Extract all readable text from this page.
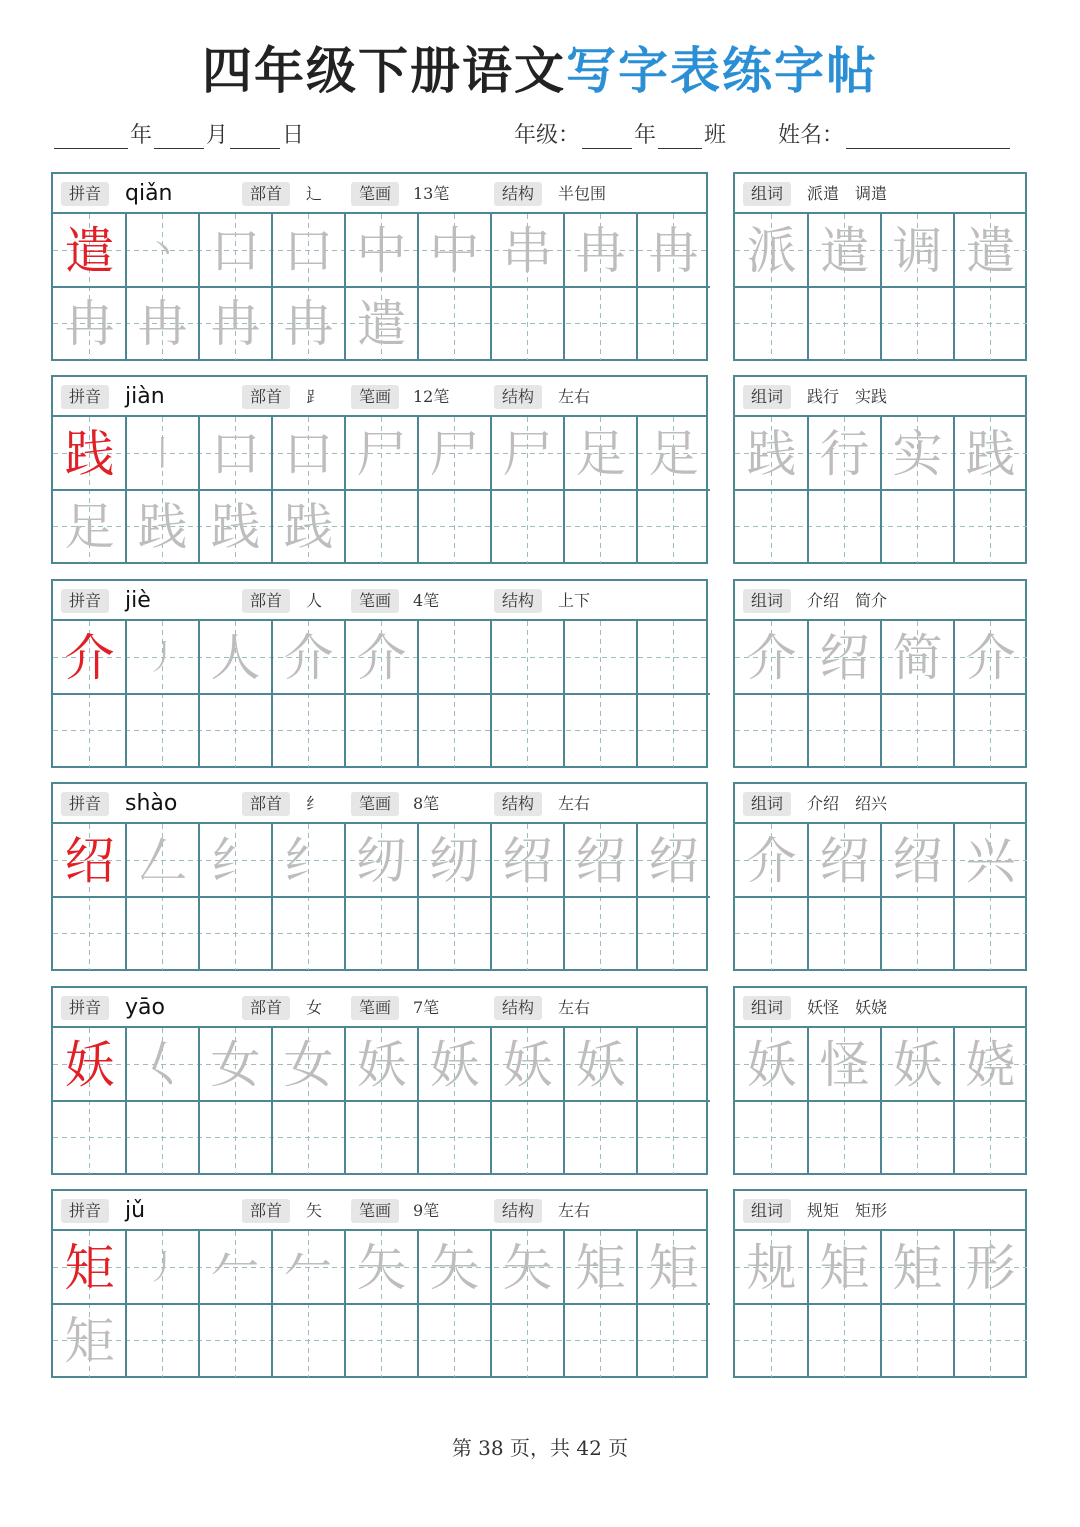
四年级下册语文写字表练字帖
年 月 日	年级： 年 班 姓名：
拼音	qiǎn	部首	辶	笔画	13笔	结构	半包围
遣 丶 口 口 中 中 串 冉 冉
冉 冉 冉 冉 遣
组词	派遣　调遣
派 遣 调 遣
拼音	jiàn	部首	⻊	笔画	12笔	结构	左右
践 丨 口 口 尸 尸 尸 足 足
足 践 践 践
组词	践行　实践
践 行 实 践
拼音	jiè	部首	人	笔画	4笔	结构	上下
介 丿 人 介 介
组词	介绍　简介
介 绍 简 介
拼音	shào	部首	纟	笔画	8笔	结构	左右
绍 𠃋 纟 纟 纫 纫 绍 绍 绍
组词	介绍　绍兴
介 绍 绍 兴
拼音	yāo	部首	女	笔画	7笔	结构	左右
妖 𡿨 女 女 妖 妖 妖 妖
组词	妖怪　妖娆
妖 怪 妖 娆
拼音	jǔ	部首	矢	笔画	9笔	结构	左右
矩 丿 𠂉 𠂉 矢 矢 矢 矩 矩
矩
组词	规矩　矩形
规 矩 矩 形
第 38 页，共 42 页
